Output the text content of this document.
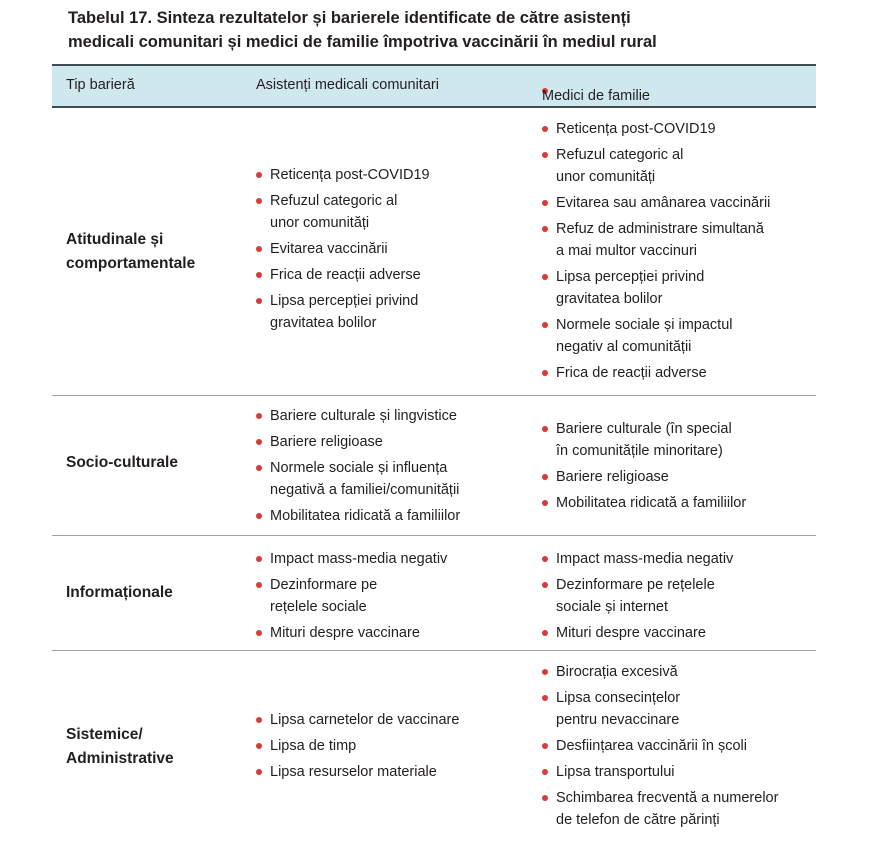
Tabelul 17. Sinteza rezultatelor și barierele identificate de către asistenți
medicali comunitari și medici de familie împotriva vaccinării în mediul rural
Tip barieră	Asistenți medicali comunitari
Medici de familie
Atitudinale și
comportamentale
Reticența post-COVID19
Refuzul categoric al
unor comunități
Evitarea vaccinării
Frica de reacții adverse
Lipsa percepției privind
gravitatea bolilor
Reticența post-COVID19
Refuzul categoric al
unor comunități
Evitarea sau amânarea vaccinării
Refuz de administrare simultană
a mai multor vaccinuri
Lipsa percepției privind
gravitatea bolilor
Normele sociale și impactul
negativ al comunității
Frica de reacții adverse
Socio-culturale
Bariere culturale și lingvistice
Bariere religioase
Normele sociale și influența
negativă a familiei/comunității
Mobilitatea ridicată a familiilor
Bariere culturale (în special
în comunitățile minoritare)
Bariere religioase
Mobilitatea ridicată a familiilor
Informaționale
Impact mass-media negativ
Dezinformare pe
rețelele sociale
Mituri despre vaccinare
Impact mass-media negativ
Dezinformare pe rețelele
sociale și internet
Mituri despre vaccinare
Sistemice/
Administrative
Lipsa carnetelor de vaccinare
Lipsa de timp
Lipsa resurselor materiale
Birocrația excesivă
Lipsa consecințelor
pentru nevaccinare
Desființarea vaccinării în școli
Lipsa transportului
Schimbarea frecventă a numerelor
de telefon de către părinți
